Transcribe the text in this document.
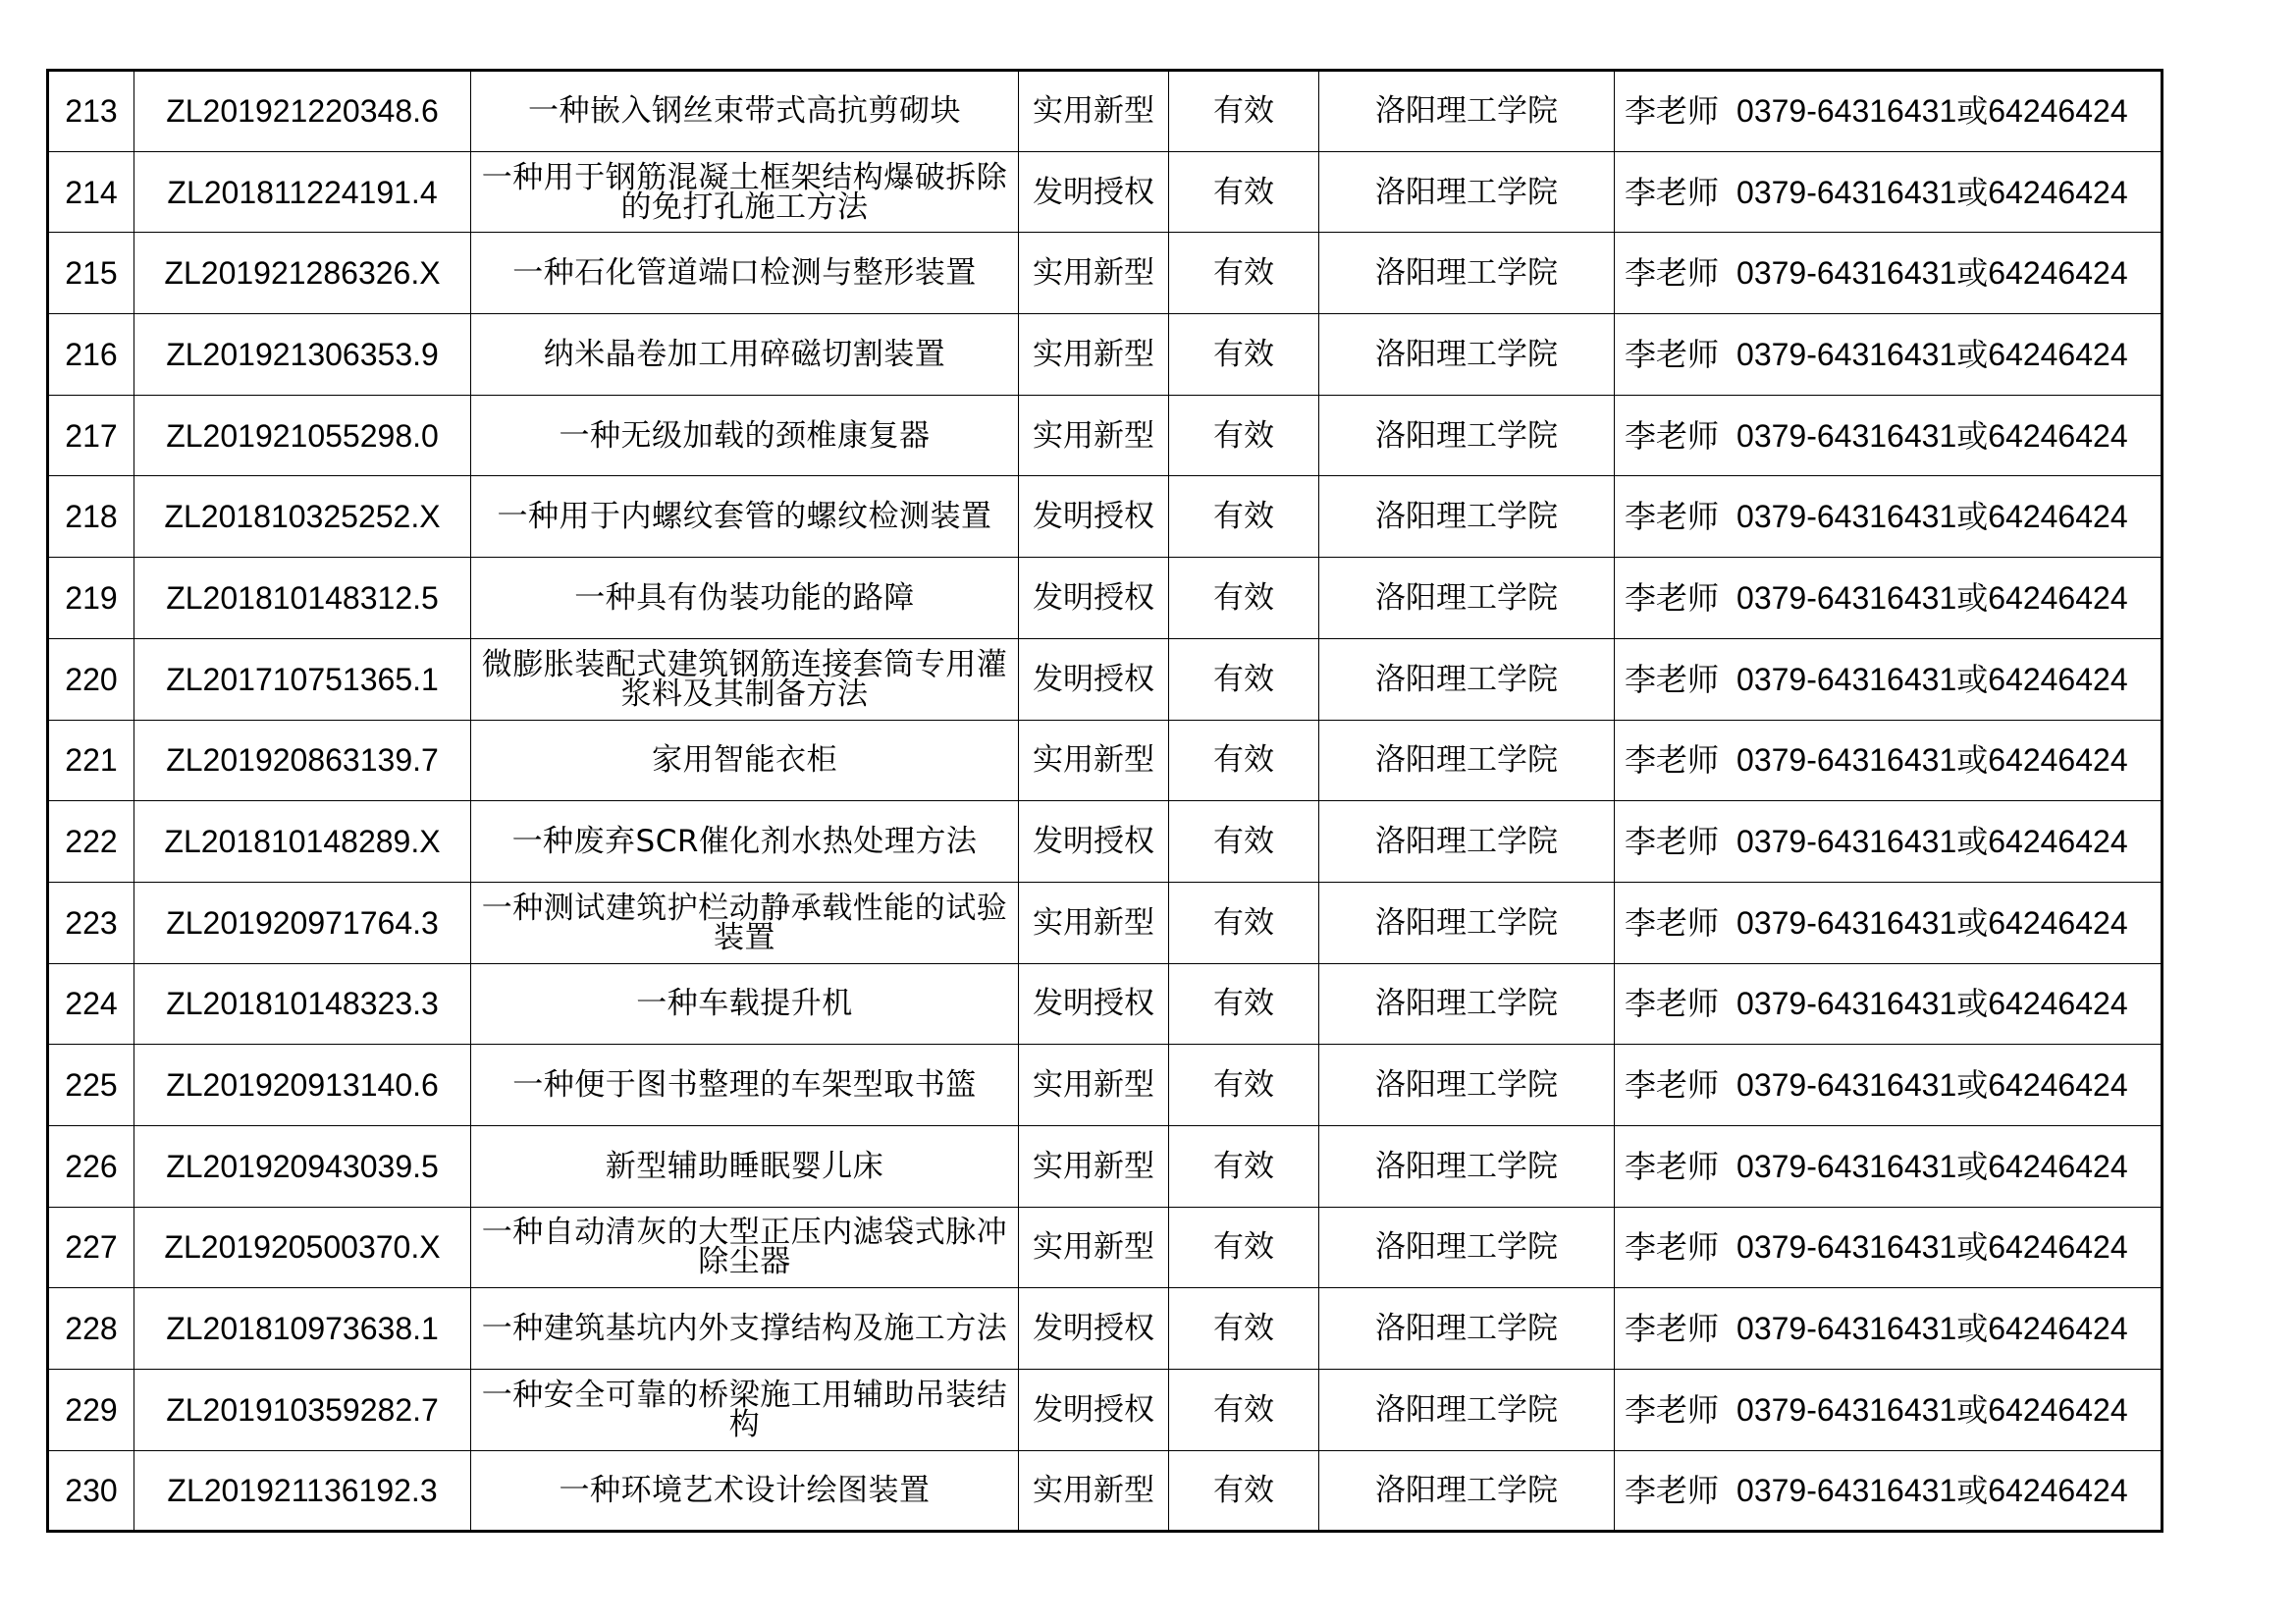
213	ZL201921220348.6	一种嵌入钢丝束带式高抗剪砌块	实用新型	有效	洛阳理工学院	李老师 0379-64316431或64246424
214	ZL201811224191.4	一种用于钢筋混凝土框架结构爆破拆除的免打孔施工方法	发明授权	有效	洛阳理工学院	李老师 0379-64316431或64246424
215	ZL201921286326.X	一种石化管道端口检测与整形装置	实用新型	有效	洛阳理工学院	李老师 0379-64316431或64246424
216	ZL201921306353.9	纳米晶卷加工用碎磁切割装置	实用新型	有效	洛阳理工学院	李老师 0379-64316431或64246424
217	ZL201921055298.0	一种无级加载的颈椎康复器	实用新型	有效	洛阳理工学院	李老师 0379-64316431或64246424
218	ZL201810325252.X	一种用于内螺纹套管的螺纹检测装置	发明授权	有效	洛阳理工学院	李老师 0379-64316431或64246424
219	ZL201810148312.5	一种具有伪装功能的路障	发明授权	有效	洛阳理工学院	李老师 0379-64316431或64246424
220	ZL201710751365.1	微膨胀装配式建筑钢筋连接套筒专用灌浆料及其制备方法	发明授权	有效	洛阳理工学院	李老师 0379-64316431或64246424
221	ZL201920863139.7	家用智能衣柜	实用新型	有效	洛阳理工学院	李老师 0379-64316431或64246424
222	ZL201810148289.X	一种废弃SCR催化剂水热处理方法	发明授权	有效	洛阳理工学院	李老师 0379-64316431或64246424
223	ZL201920971764.3	一种测试建筑护栏动静承载性能的试验装置	实用新型	有效	洛阳理工学院	李老师 0379-64316431或64246424
224	ZL201810148323.3	一种车载提升机	发明授权	有效	洛阳理工学院	李老师 0379-64316431或64246424
225	ZL201920913140.6	一种便于图书整理的车架型取书篮	实用新型	有效	洛阳理工学院	李老师 0379-64316431或64246424
226	ZL201920943039.5	新型辅助睡眠婴儿床	实用新型	有效	洛阳理工学院	李老师 0379-64316431或64246424
227	ZL201920500370.X	一种自动清灰的大型正压内滤袋式脉冲除尘器	实用新型	有效	洛阳理工学院	李老师 0379-64316431或64246424
228	ZL201810973638.1	一种建筑基坑内外支撑结构及施工方法	发明授权	有效	洛阳理工学院	李老师 0379-64316431或64246424
229	ZL201910359282.7	一种安全可靠的桥梁施工用辅助吊装结构	发明授权	有效	洛阳理工学院	李老师 0379-64316431或64246424
230	ZL201921136192.3	一种环境艺术设计绘图装置	实用新型	有效	洛阳理工学院	李老师 0379-64316431或64246424
